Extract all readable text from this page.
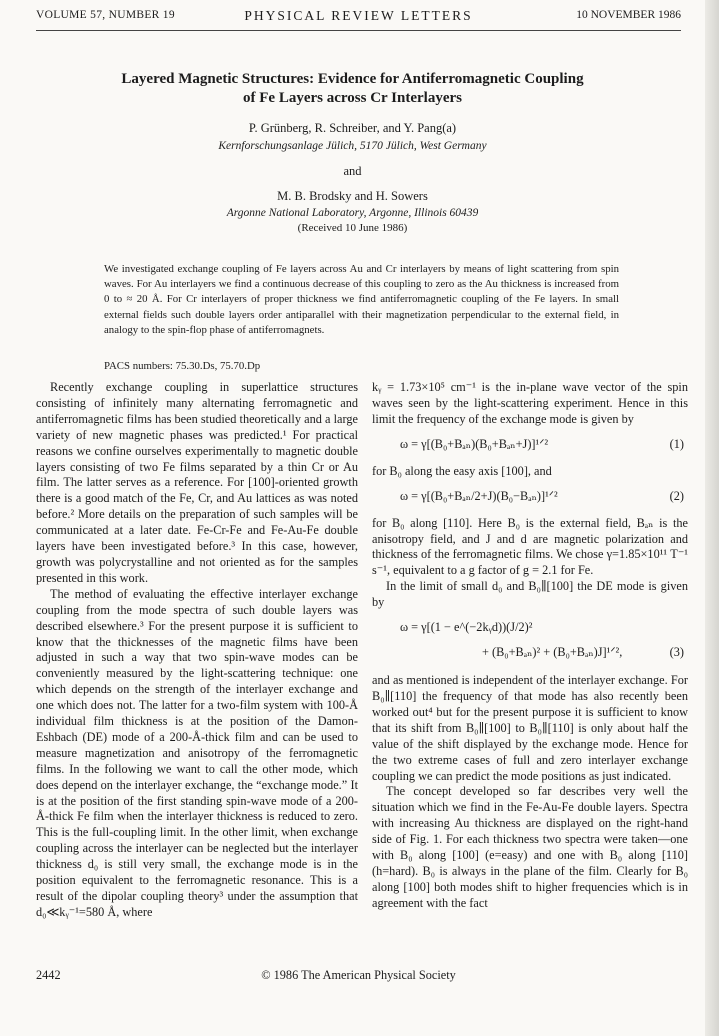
VOLUME 57, NUMBER 19	PHYSICAL REVIEW LETTERS	10 NOVEMBER 1986
Layered Magnetic Structures: Evidence for Antiferromagnetic Coupling
of Fe Layers across Cr Interlayers
P. Grünberg, R. Schreiber, and Y. Pang(a)
Kernforschungsanlage Jülich, 5170 Jülich, West Germany
and
M. B. Brodsky and H. Sowers
Argonne National Laboratory, Argonne, Illinois 60439
(Received 10 June 1986)
We investigated exchange coupling of Fe layers across Au and Cr interlayers by means of light scattering from spin waves. For Au interlayers we find a continuous decrease of this coupling to zero as the Au thickness is increased from 0 to ≈ 20 Å. For Cr interlayers of proper thickness we find antiferromagnetic coupling of the Fe layers. In small external fields such double layers order antiparallel with their magnetization perpendicular to the external field, in analogy to the spin-flop phase of antiferromagnets.
PACS numbers: 75.30.Ds, 75.70.Dp

Recently exchange coupling in superlattice structures consisting of infinitely many alternating ferromagnetic and antiferromagnetic films has been studied theoretically and a large variety of new magnetic phases was predicted.¹ For practical reasons we confine ourselves experimentally to magnetic double layers consisting of two Fe films separated by a thin Cr or Au film. The latter serves as a reference. For [100]-oriented growth there is a good match of the Fe, Cr, and Au lattices as was noted before.² More details on the preparation of such samples will be communicated at a later date. Fe-Cr-Fe and Fe-Au-Fe double layers have been investigated before.³ In this case, however, growth was polycrystalline and not oriented as for the samples presented in this work.

The method of evaluating the effective interlayer exchange coupling from the mode spectra of such double layers was described elsewhere.³ For the present purpose it is sufficient to know that the thicknesses of the magnetic films have been adjusted in such a way that two spin-wave modes can be conveniently measured by the light-scattering technique: one which depends on the strength of the interlayer exchange and one which does not. The latter for a two-film system with 100-Å individual film thickness is at the position of the Damon-Eshbach (DE) mode of a 200-Å-thick film and can be used to measure magnetization and anisotropy of the ferromagnetic films. In the following we want to call the other mode, which does depend on the interlayer exchange, the “exchange mode.” It is at the position of the first standing spin-wave mode of a 200-Å-thick Fe film when the interlayer thickness is reduced to zero. This is the full-coupling limit. In the other limit, when exchange coupling across the interlayer can be neglected but the interlayer thickness d₀ is still very small, the exchange mode is in the position equivalent to the ferromagnetic resonance. This is a result of the dipolar coupling theory³ under the assumption that d₀≪kᵧ⁻¹=580 Å, where

kᵧ = 1.73×10⁵ cm⁻¹ is the in-plane wave vector of the spin waves seen by the light-scattering experiment. Hence in this limit the frequency of the exchange mode is given by

ω = γ[(B₀+Bₐₙ)(B₀+Bₐₙ+J)]¹ᐟ²	(1)

for B₀ along the easy axis [100], and

ω = γ[(B₀+Bₐₙ/2+J)(B₀−Bₐₙ)]¹ᐟ²	(2)

for B₀ along [110]. Here B₀ is the external field, Bₐₙ is the anisotropy field, and J and d are magnetic polarization and thickness of the ferromagnetic films. We chose γ=1.85×10¹¹ T⁻¹ s⁻¹, equivalent to a g factor of g = 2.1 for Fe.

In the limit of small d₀ and B₀∥[100] the DE mode is given by

ω = γ[(1 − e^(−2kᵧd))(J/2)²
+ (B₀+Bₐₙ)² + (B₀+Bₐₙ)J]¹ᐟ²,	(3)

and as mentioned is independent of the interlayer exchange. For B₀∥[110] the frequency of that mode has also recently been worked out⁴ but for the present purpose it is sufficient to know that its shift from B₀∥[100] to B₀∥[110] is only about half the value of the shift displayed by the exchange mode. Hence for the two extreme cases of full and zero interlayer exchange coupling we can predict the mode positions as just indicated.

The concept developed so far describes very well the situation which we find in the Fe-Au-Fe double layers. Spectra with increasing Au thickness are displayed on the right-hand side of Fig. 1. For each thickness two spectra were taken—one with B₀ along [100] (e=easy) and one with B₀ along [110] (h=hard). B₀ is always in the plane of the film. Clearly for B₀ along [100] both modes shift to higher frequencies which is in agreement with the fact

2442	© 1986 The American Physical Society
